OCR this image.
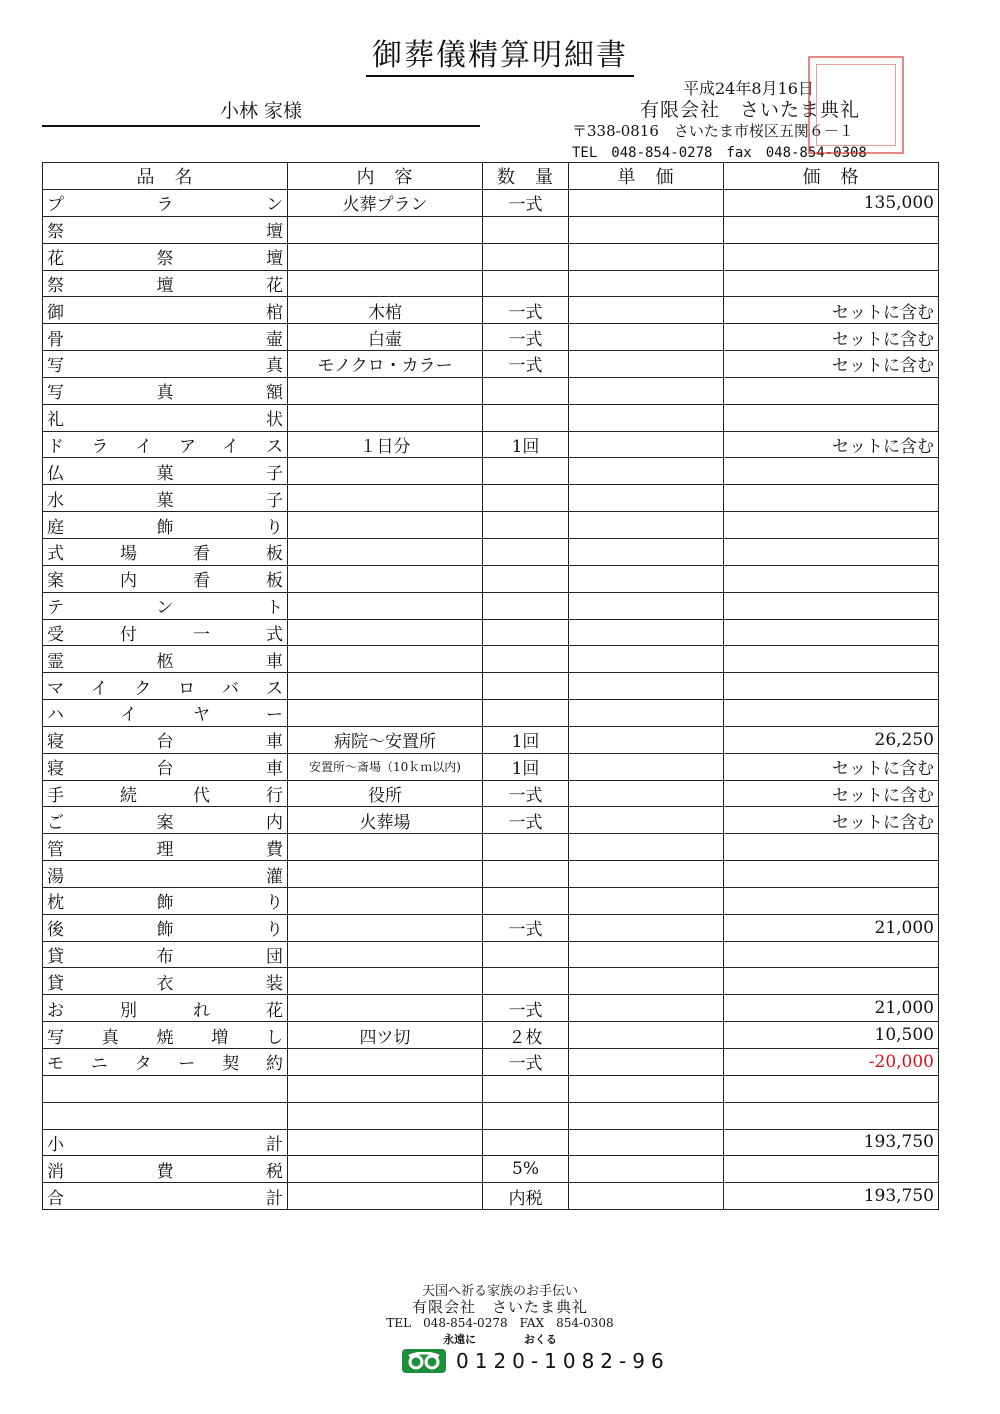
御葬儀精算明細書
小林 家様
平成24年8月16日
有限会社　さいたま典礼
〒338-0816　さいたま市桜区五関６－１
TEL　048-854-0278　fax　048-854-0308
品　名	内　容	数　量	単　価	価　格
プラン	火葬プラン	一式		135,000
祭壇				
花祭壇				
祭壇花				
御棺	木棺	一式		セットに含む
骨壷	白壷	一式		セットに含む
写真	モノクロ・カラー	一式		セットに含む
写真額				
礼状				
ドライアイス	１日分	1回		セットに含む
仏菓子				
水菓子				
庭飾り				
式場看板				
案内看板				
テント				
受付一式				
霊柩車				
マイクロバス				
ハイヤー				
寝台車	病院～安置所	1回		26,250
寝台車	安置所～斎場（10ｋｍ以内)	1回		セットに含む
手続代行	役所	一式		セットに含む
ご案内	火葬場	一式		セットに含む
管理費				
湯灌				
枕飾り				
後飾り		一式		21,000
貸布団				
貸衣装				
お別れ花		一式		21,000
写真焼増し	四ツ切	２枚		10,500
モニター契約		一式		-20,000

小計				193,750
消費税		5%		
合計		内税		193,750
天国へ祈る家族のお手伝い
有限会社　さいたま典礼
TEL　048-854-0278　FAX　854-0308
永遠に	おくる
0120-1082-96
